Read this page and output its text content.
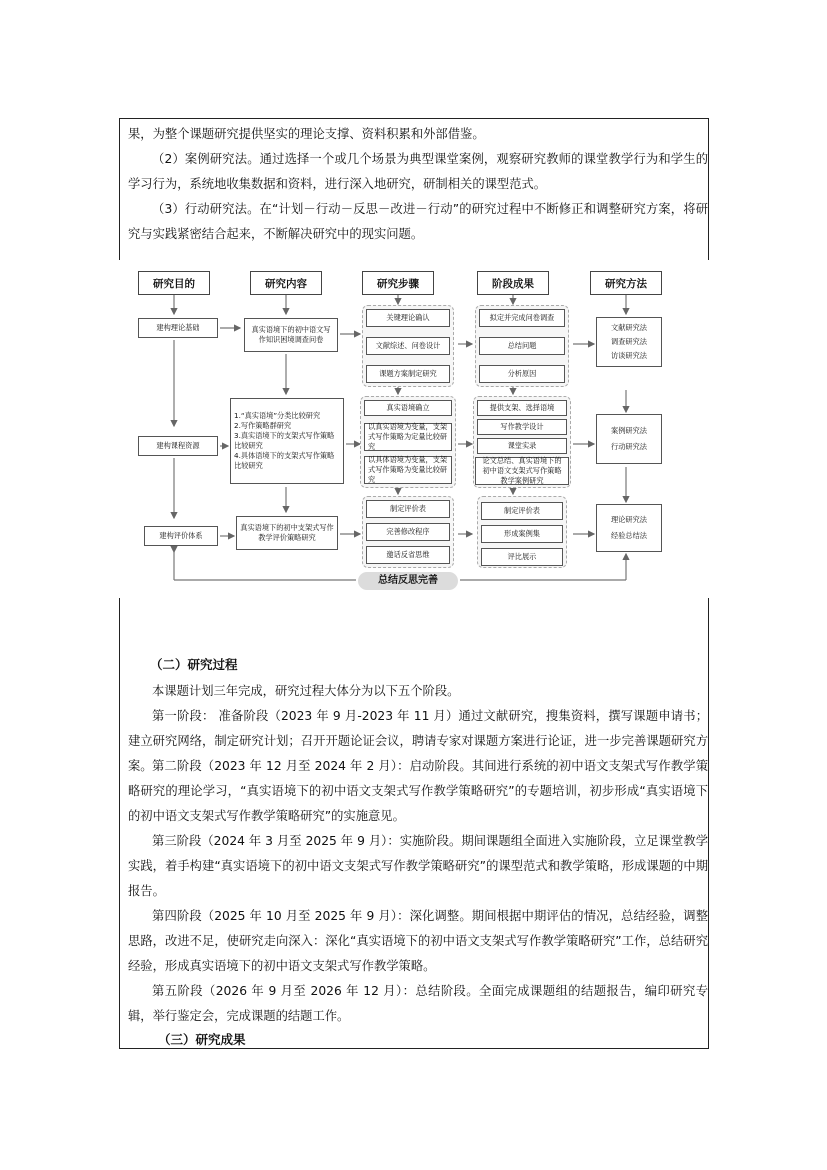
果，为整个课题研究提供坚实的理论支撑、资料积累和外部借鉴。
（2）案例研究法。通过选择一个或几个场景为典型课堂案例，观察研究教师的课堂教学行为和学生的学习行为，系统地收集数据和资料，进行深入地研究，研制相关的课型范式。
（3）行动研究法。在“计划－行动－反思－改进－行动”的研究过程中不断修正和调整研究方案，将研究与实践紧密结合起来，不断解决研究中的现实问题。
研究目的	研究内容	研究步骤	阶段成果	研究方法
建构理论基础
建构课程资源
建构评价体系
真实语境下的初中语文写作知识困境调查问卷
1.“真实语境”分类比较研究
2.写作策略群研究
3.真实语境下的支架式写作策略比较研究
4.具体语境下的支架式写作策略比较研究
真实语境下的初中支架式写作教学评价策略研究
关键理论确认
文献综述、问卷设计
课题方案制定研究
真实语境确立
以真实语境为变量，支架式写作策略为定量比较研究
以具体语境为变量，支架式写作策略为变量比较研究
制定评价表
完善修改程序
邀话反省思维
拟定并完成问卷调查
总结问题
分析原因
提供支架、选择语境
写作教学设计
课堂实录
论文总结、真实语境下的初中语文支架式写作策略教学案例研究
制定评价表
形成案例集
评比展示
文献研究法
调查研究法
访谈研究法
案例研究法
行动研究法
理论研究法
经验总结法
总结反思完善
（二）研究过程
本课题计划三年完成，研究过程大体分为以下五个阶段。
第一阶段： 准备阶段（2023 年 9 月-2023 年 11 月）通过文献研究，搜集资料，撰写课题申请书；建立研究网络，制定研究计划；召开开题论证会议，聘请专家对课题方案进行论证，进一步完善课题研究方案。 第二阶段（2023 年 12 月至 2024 年 2 月）：启动阶段。其间进行系统的初中语文支架式写作教学策略研究的理论学习，“真实语境下的初中语文支架式写作教学策略研究”的专题培训，初步形成“真实语境下的初中语文支架式写作教学策略研究”的实施意见。
第三阶段（2024 年 3 月至 2025 年 9 月）：实施阶段。期间课题组全面进入实施阶段，立足课堂教学实践，着手构建“真实语境下的初中语文支架式写作教学策略研究”的课型范式和教学策略，形成课题的中期报告。
第四阶段（2025 年 10 月至 2025 年 9 月）：深化调整。期间根据中期评估的情况，总结经验，调整思路，改进不足，使研究走向深入：深化“真实语境下的初中语文支架式写作教学策略研究”工作，总结研究经验，形成真实语境下的初中语文支架式写作教学策略。
第五阶段（2026 年 9 月至 2026 年 12 月）：总结阶段。全面完成课题组的结题报告，编印研究专辑，举行鉴定会，完成课题的结题工作。
（三）研究成果
